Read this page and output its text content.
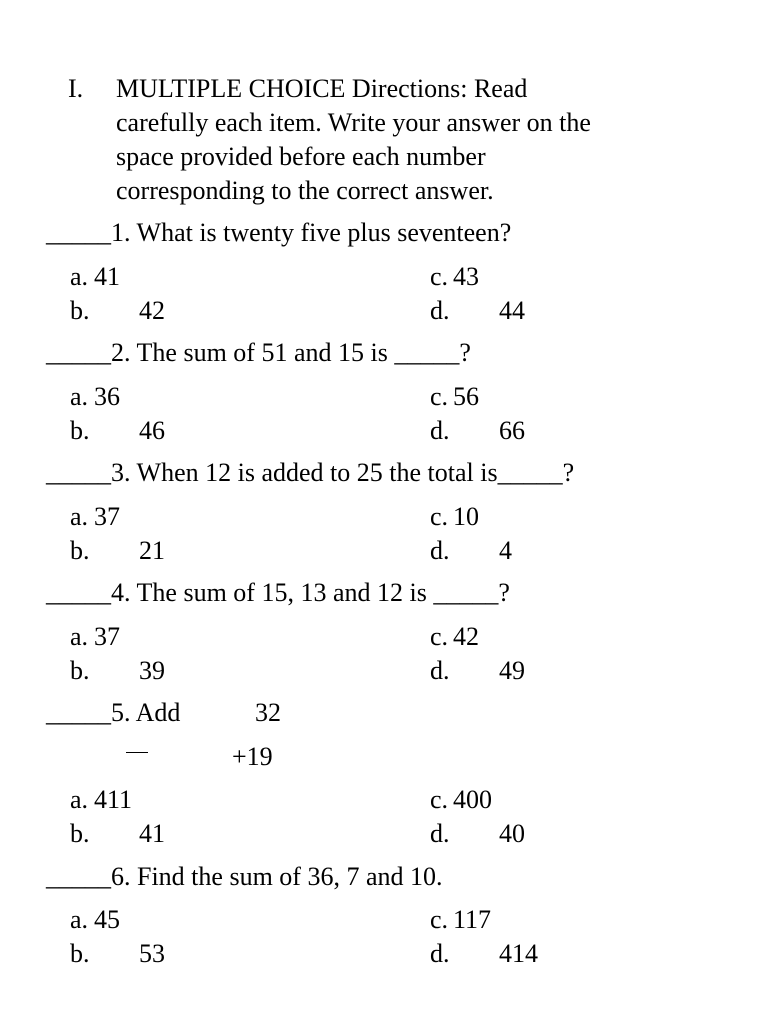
I. MULTIPLE CHOICE Directions: Read
carefully each item. Write your answer on the
space provided before each number
corresponding to the correct answer.
_____1. What is twenty five plus seventeen?
a. 41	c. 43
b. 42	d. 44
_____2. The sum of 51 and 15 is _____?
a. 36	c. 56
b. 46	d. 66
_____3. When 12 is added to 25 the total is_____?
a. 37	c. 10
b. 21	d. 4
_____4. The sum of 15, 13 and 12 is _____?
a. 37	c. 42
b. 39	d. 49
_____5. Add	32
+19
a. 411	c. 400
b. 41	d. 40
_____6. Find the sum of 36, 7 and 10.
a. 45	c. 117
b. 53	d. 414
